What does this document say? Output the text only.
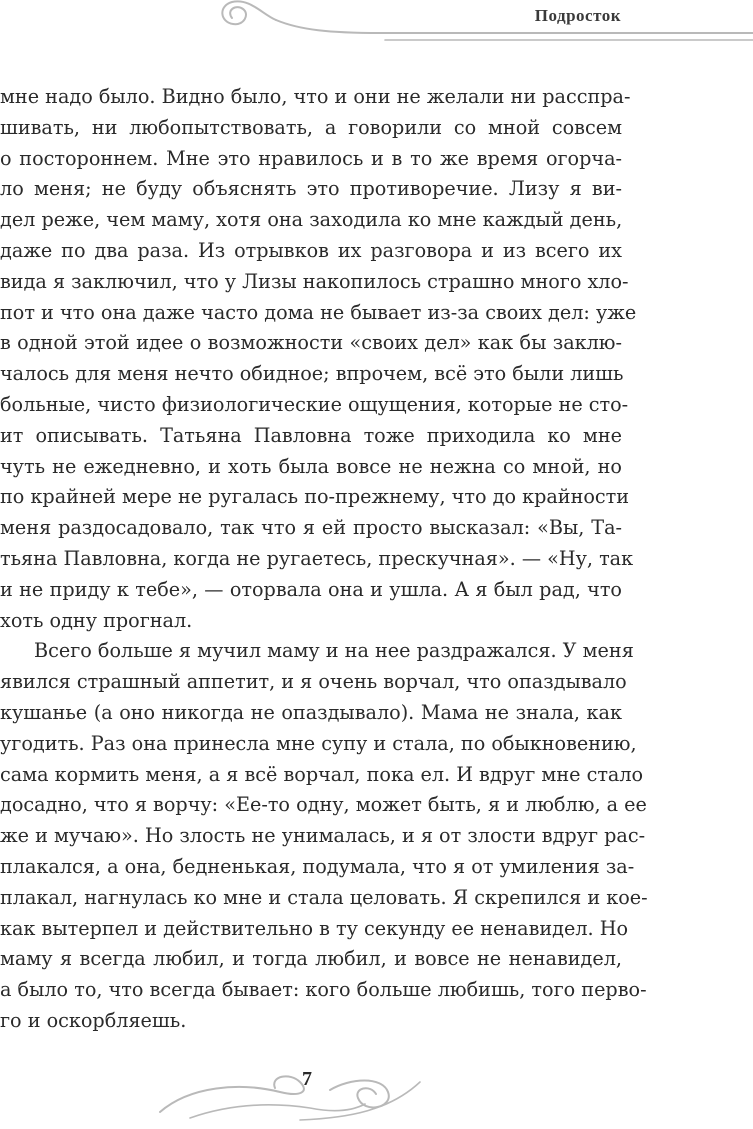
Подросток

мне надо было. Видно было, что и они не желали ни расспра-
шивать, ни любопытствовать, а говорили со мной совсем
о постороннем. Мне это нравилось и в то же время огорча-
ло меня; не буду объяснять это противоречие. Лизу я ви-
дел реже, чем маму, хотя она заходила ко мне каждый день,
даже по два раза. Из отрывков их разговора и из всего их
вида я заключил, что у Лизы накопилось страшно много хло-
пот и что она даже часто дома не бывает из-за своих дел: уже
в одной этой идее о возможности «своих дел» как бы заклю-
чалось для меня нечто обидное; впрочем, всё это были лишь
больные, чисто физиологические ощущения, которые не сто-
ит описывать. Татьяна Павловна тоже приходила ко мне
чуть не ежедневно, и хоть была вовсе не нежна со мной, но
по крайней мере не ругалась по-прежнему, что до крайности
меня раздосадовало, так что я ей просто высказал: «Вы, Та-
тьяна Павловна, когда не ругаетесь, прескучная». — «Ну, так
и не приду к тебе», — оторвала она и ушла. А я был рад, что
хоть одну прогнал.

Всего больше я мучил маму и на нее раздражался. У меня
явился страшный аппетит, и я очень ворчал, что опаздывало
кушанье (а оно никогда не опаздывало). Мама не знала, как
угодить. Раз она принесла мне супу и стала, по обыкновению,
сама кормить меня, а я всё ворчал, пока ел. И вдруг мне стало
досадно, что я ворчу: «Ее-то одну, может быть, я и люблю, а ее
же и мучаю». Но злость не унималась, и я от злости вдруг рас-
плакался, а она, бедненькая, подумала, что я от умиления за-
плакал, нагнулась ко мне и стала целовать. Я скрепился и кое-
как вытерпел и действительно в ту секунду ее ненавидел. Но
маму я всегда любил, и тогда любил, и вовсе не ненавидел,
а было то, что всегда бывает: кого больше любишь, того перво-
го и оскорбляешь.

7
